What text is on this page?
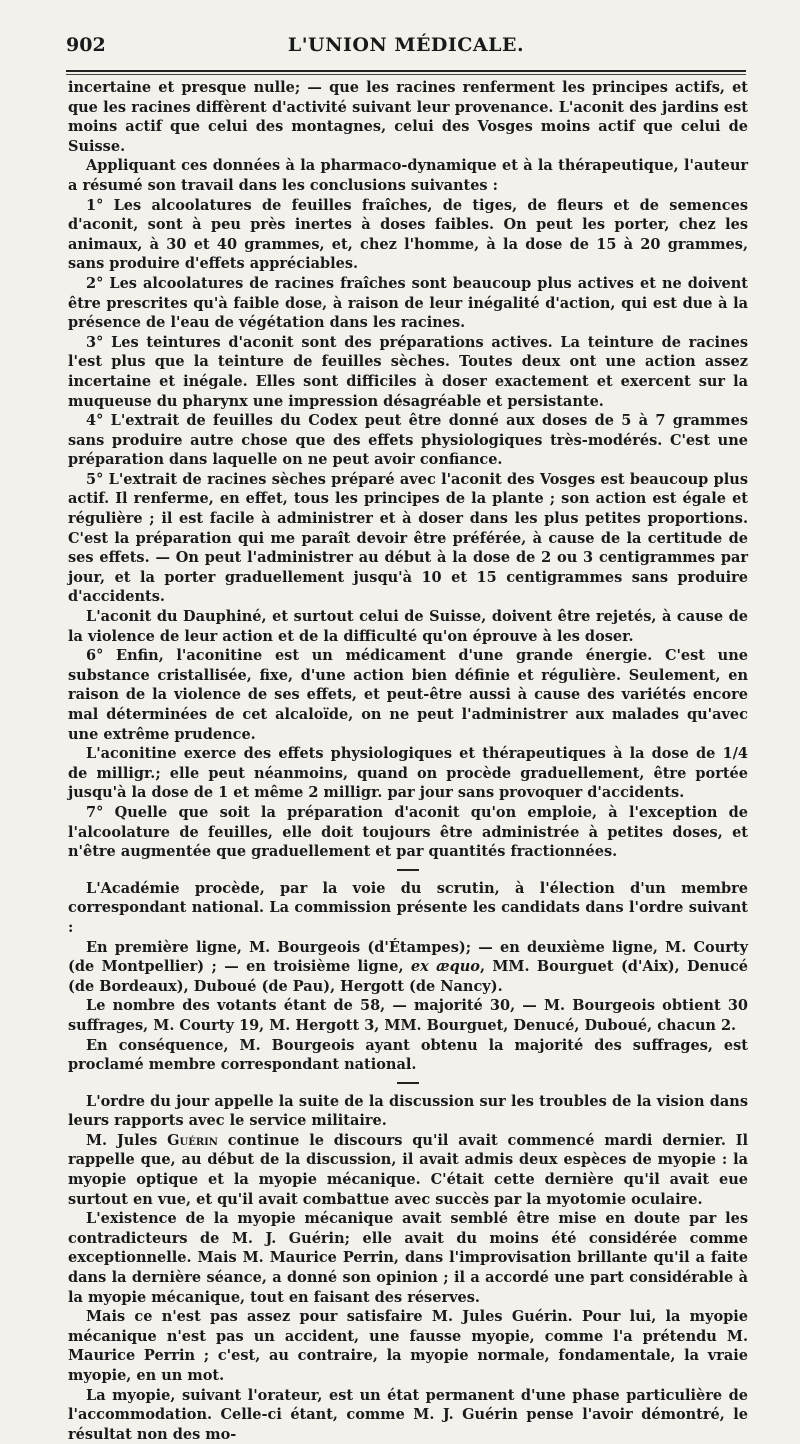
902	L'UNION MÉDICALE.

incertaine et presque nulle; — que les racines renferment les principes actifs, et que les racines diffèrent d'activité suivant leur provenance. L'aconit des jardins est moins actif que celui des montagnes, celui des Vosges moins actif que celui de Suisse.

Appliquant ces données à la pharmaco-dynamique et à la thérapeutique, l'auteur a résumé son travail dans les conclusions suivantes :

1° Les alcoolatures de feuilles fraîches, de tiges, de fleurs et de semences d'aconit, sont à peu près inertes à doses faibles. On peut les porter, chez les animaux, à 30 et 40 grammes, et, chez l'homme, à la dose de 15 à 20 grammes, sans produire d'effets appréciables.

2° Les alcoolatures de racines fraîches sont beaucoup plus actives et ne doivent être prescrites qu'à faible dose, à raison de leur inégalité d'action, qui est due à la présence de l'eau de végétation dans les racines.

3° Les teintures d'aconit sont des préparations actives. La teinture de racines l'est plus que la teinture de feuilles sèches. Toutes deux ont une action assez incertaine et inégale. Elles sont difficiles à doser exactement et exercent sur la muqueuse du pharynx une impression désagréable et persistante.

4° L'extrait de feuilles du Codex peut être donné aux doses de 5 à 7 grammes sans produire autre chose que des effets physiologiques très-modérés. C'est une préparation dans laquelle on ne peut avoir confiance.

5° L'extrait de racines sèches préparé avec l'aconit des Vosges est beaucoup plus actif. Il renferme, en effet, tous les principes de la plante ; son action est égale et régulière ; il est facile à administrer et à doser dans les plus petites proportions. C'est la préparation qui me paraît devoir être préférée, à cause de la certitude de ses effets. — On peut l'administrer au début à la dose de 2 ou 3 centigrammes par jour, et la porter graduellement jusqu'à 10 et 15 centigrammes sans produire d'accidents.

L'aconit du Dauphiné, et surtout celui de Suisse, doivent être rejetés, à cause de la violence de leur action et de la difficulté qu'on éprouve à les doser.

6° Enfin, l'aconitine est un médicament d'une grande énergie. C'est une substance cristallisée, fixe, d'une action bien définie et régulière. Seulement, en raison de la violence de ses effets, et peut-être aussi à cause des variétés encore mal déterminées de cet alcaloïde, on ne peut l'administrer aux malades qu'avec une extrême prudence.

L'aconitine exerce des effets physiologiques et thérapeutiques à la dose de 1/4 de milligr.; elle peut néanmoins, quand on procède graduellement, être portée jusqu'à la dose de 1 et même 2 milligr. par jour sans provoquer d'accidents.

7° Quelle que soit la préparation d'aconit qu'on emploie, à l'exception de l'alcoolature de feuilles, elle doit toujours être administrée à petites doses, et n'être augmentée que graduellement et par quantités fractionnées.

L'Académie procède, par la voie du scrutin, à l'élection d'un membre correspondant national. La commission présente les candidats dans l'ordre suivant :

En première ligne, M. Bourgeois (d'Étampes); — en deuxième ligne, M. Courty (de Montpellier) ; — en troisième ligne, ex æquo, MM. Bourguet (d'Aix), Denucé (de Bordeaux), Duboué (de Pau), Hergott (de Nancy).

Le nombre des votants étant de 58, — majorité 30, — M. Bourgeois obtient 30 suffrages, M. Courty 19, M. Hergott 3, MM. Bourguet, Denucé, Duboué, chacun 2.

En conséquence, M. Bourgeois ayant obtenu la majorité des suffrages, est proclamé membre correspondant national.

L'ordre du jour appelle la suite de la discussion sur les troubles de la vision dans leurs rapports avec le service militaire.

M. Jules Guérin continue le discours qu'il avait commencé mardi dernier. Il rappelle que, au début de la discussion, il avait admis deux espèces de myopie : la myopie optique et la myopie mécanique. C'était cette dernière qu'il avait eue surtout en vue, et qu'il avait combattue avec succès par la myotomie oculaire.

L'existence de la myopie mécanique avait semblé être mise en doute par les contradicteurs de M. J. Guérin; elle avait du moins été considérée comme exceptionnelle. Mais M. Maurice Perrin, dans l'improvisation brillante qu'il a faite dans la dernière séance, a donné son opinion ; il a accordé une part considérable à la myopie mécanique, tout en faisant des réserves.

Mais ce n'est pas assez pour satisfaire M. Jules Guérin. Pour lui, la myopie mécanique n'est pas un accident, une fausse myopie, comme l'a prétendu M. Maurice Perrin ; c'est, au contraire, la myopie normale, fondamentale, la vraie myopie, en un mot.

La myopie, suivant l'orateur, est un état permanent d'une phase particulière de l'accommodation. Celle-ci étant, comme M. J. Guérin pense l'avoir démontré, le résultat non des mo-
